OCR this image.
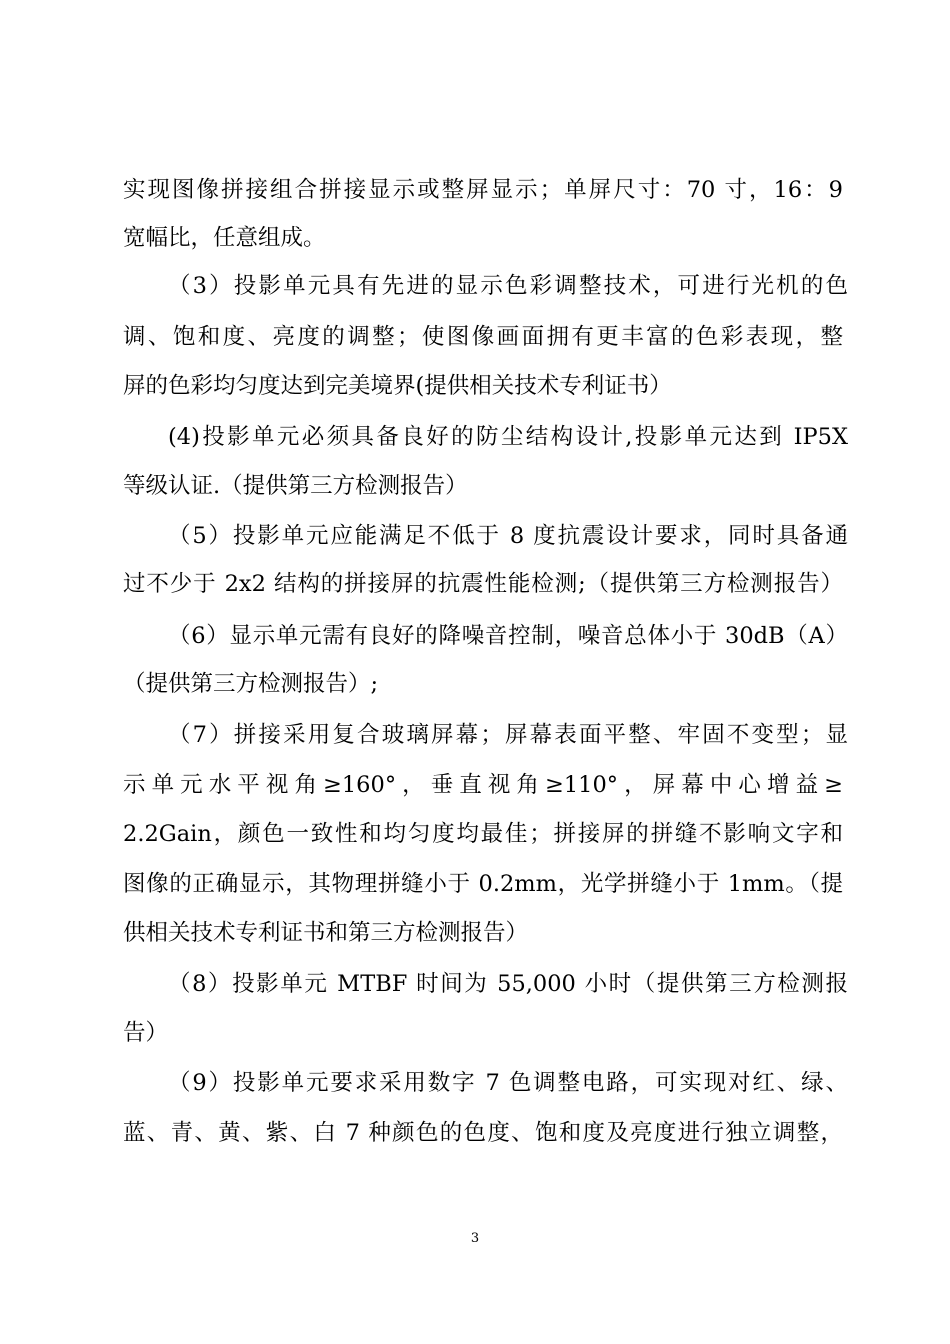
实现图像拼接组合拼接显示或整屏显示；单屏尺寸：70 寸，16：9
宽幅比，任意组成。
（3）投影单元具有先进的显示色彩调整技术，可进行光机的色
调、饱和度、亮度的调整；使图像画面拥有更丰富的色彩表现，整
屏的色彩均匀度达到完美境界(提供相关技术专利证书）
(4)投影单元必须具备良好的防尘结构设计,投影单元达到 IP5X
等级认证.（提供第三方检测报告）
（5）投影单元应能满足不低于 8 度抗震设计要求，同时具备通
过不少于 2x2 结构的拼接屏的抗震性能检测;（提供第三方检测报告）
（6）显示单元需有良好的降噪音控制，噪音总体小于 30dB（A）
（提供第三方检测报告）;
（7）拼接采用复合玻璃屏幕；屏幕表面平整、牢固不变型；显
示单元水平视角≥160°，垂直视角≥110°，屏幕中心增益≥
2.2Gain，颜色一致性和均匀度均最佳；拼接屏的拼缝不影响文字和
图像的正确显示，其物理拼缝小于 0.2mm，光学拼缝小于 1mm。（提
供相关技术专利证书和第三方检测报告）
（8）投影单元 MTBF 时间为 55,000 小时（提供第三方检测报
告）
（9）投影单元要求采用数字 7 色调整电路，可实现对红、绿、
蓝、青、黄、紫、白 7 种颜色的色度、饱和度及亮度进行独立调整，
3
